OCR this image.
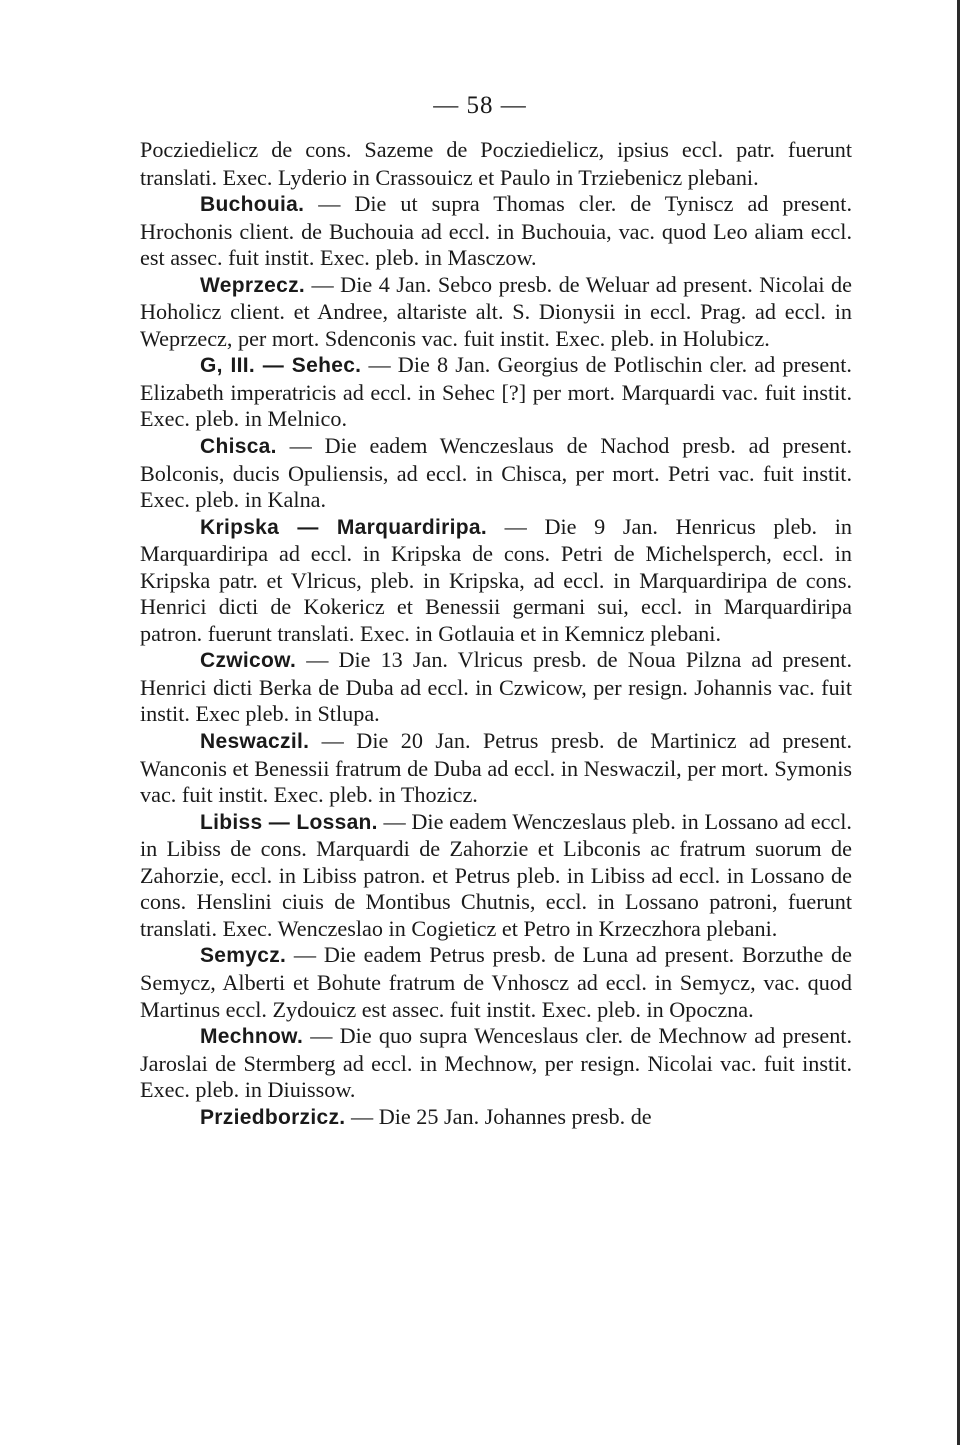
— 58 —

Pocziedielicz de cons. Sazeme de Pocziedielicz, ipsius eccl. patr. fuerunt translati. Exec. Lyderio in Crassouicz et Paulo in Trziebenicz plebani.

Buchouia. — Die ut supra Thomas cler. de Tyniscz ad present. Hrochonis client. de Buchouia ad eccl. in Buchouia, vac. quod Leo aliam eccl. est assec. fuit instit. Exec. pleb. in Masczow.

Weprzecz. — Die 4 Jan. Sebco presb. de Weluar ad present. Nicolai de Hoholicz client. et Andree, altariste alt. S. Dionysii in eccl. Prag. ad eccl. in Weprzecz, per mort. Sdenconis vac. fuit instit. Exec. pleb. in Holubicz.

G, III. — Sehec. — Die 8 Jan. Georgius de Potlischin cler. ad present. Elizabeth imperatricis ad eccl. in Sehec [?] per mort. Marquardi vac. fuit instit. Exec. pleb. in Melnico.

Chisca. — Die eadem Wenczeslaus de Nachod presb. ad present. Bolconis, ducis Opuliensis, ad eccl. in Chisca, per mort. Petri vac. fuit instit. Exec. pleb. in Kalna.

Kripska — Marquardiripa. — Die 9 Jan. Henricus pleb. in Marquardiripa ad eccl. in Kripska de cons. Petri de Michelsperch, eccl. in Kripska patr. et Vlricus, pleb. in Kripska, ad eccl. in Marquardiripa de cons. Henrici dicti de Kokericz et Benessii germani sui, eccl. in Marquardiripa patron. fuerunt translati. Exec. in Gotlauia et in Kemnicz plebani.

Czwicow. — Die 13 Jan. Vlricus presb. de Noua Pilzna ad present. Henrici dicti Berka de Duba ad eccl. in Czwicow, per resign. Johannis vac. fuit instit. Exec pleb. in Stlupa.

Neswaczil. — Die 20 Jan. Petrus presb. de Martinicz ad present. Wanconis et Benessii fratrum de Duba ad eccl. in Neswaczil, per mort. Symonis vac. fuit instit. Exec. pleb. in Thozicz.

Libiss — Lossan. — Die eadem Wenczeslaus pleb. in Lossano ad eccl. in Libiss de cons. Marquardi de Zahorzie et Libconis ac fratrum suorum de Zahorzie, eccl. in Libiss patron. et Petrus pleb. in Libiss ad eccl. in Lossano de cons. Henslini ciuis de Montibus Chutnis, eccl. in Lossano patroni, fuerunt translati. Exec. Wenczeslao in Cogieticz et Petro in Krzeczhora plebani.

Semycz. — Die eadem Petrus presb. de Luna ad present. Borzuthe de Semycz, Alberti et Bohute fratrum de Vnhoscz ad eccl. in Semycz, vac. quod Martinus eccl. Zydouicz est assec. fuit instit. Exec. pleb. in Opoczna.

Mechnow. — Die quo supra Wenceslaus cler. de Mechnow ad present. Jaroslai de Stermberg ad eccl. in Mechnow, per resign. Nicolai vac. fuit instit. Exec. pleb. in Diuissow.

Prziedborzicz. — Die 25 Jan. Johannes presb. de
